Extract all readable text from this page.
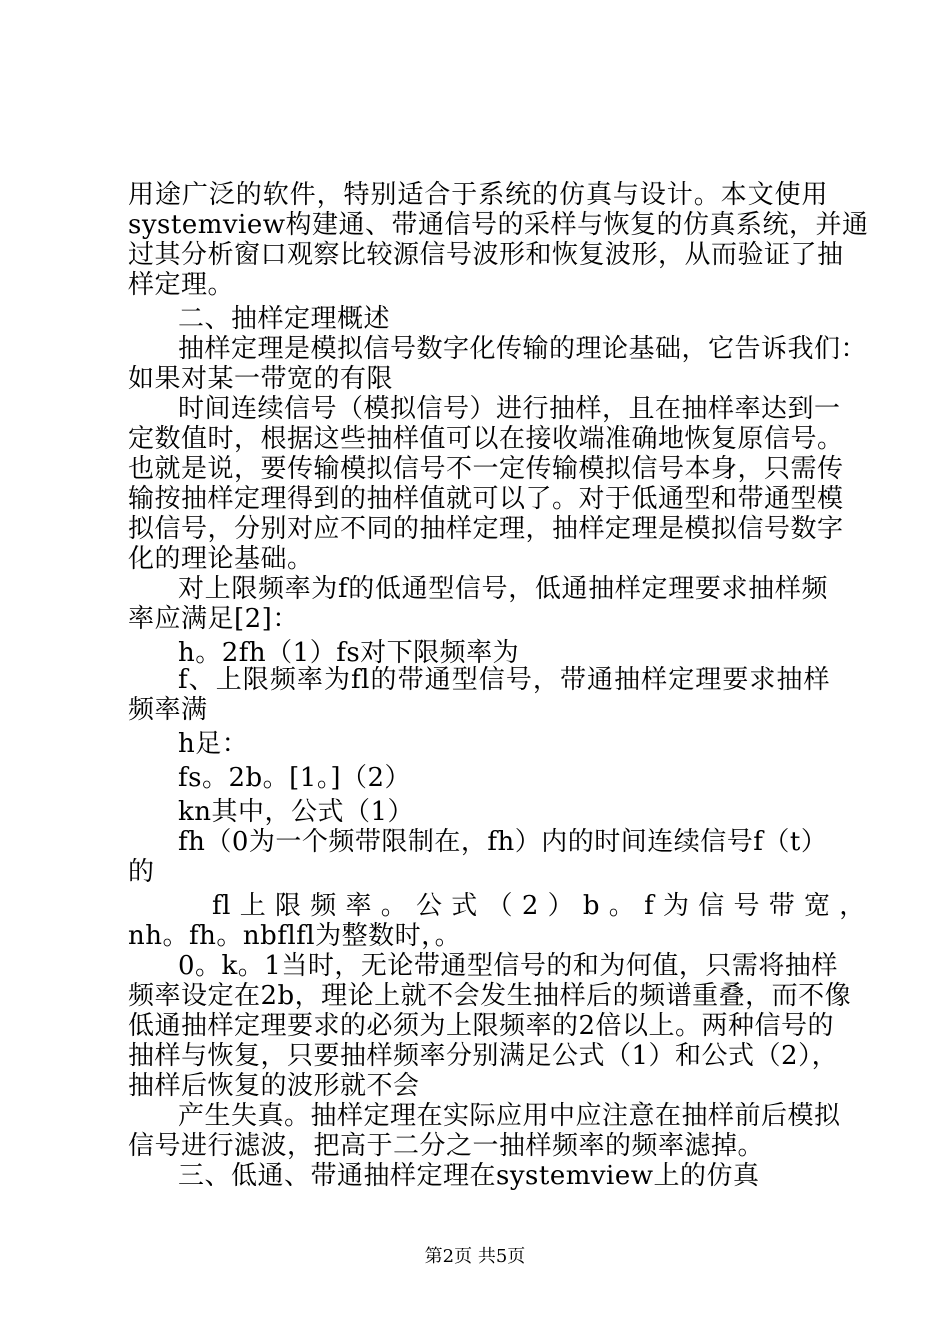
用途广泛的软件，特别适合于系统的仿真与设计。本文使用
systemview构建通、带通信号的采样与恢复的仿真系统，并通
过其分析窗口观察比较源信号波形和恢复波形，从而验证了抽
样定理。
二、抽样定理概述
抽样定理是模拟信号数字化传输的理论基础，它告诉我们：
如果对某一带宽的有限
时间连续信号（模拟信号）进行抽样，且在抽样率达到一
定数值时，根据这些抽样值可以在接收端准确地恢复原信号。
也就是说，要传输模拟信号不一定传输模拟信号本身，只需传
输按抽样定理得到的抽样值就可以了。对于低通型和带通型模
拟信号，分别对应不同的抽样定理，抽样定理是模拟信号数字
化的理论基础。
对上限频率为f的低通型信号，低通抽样定理要求抽样频
率应满足[2]：
h。2fh（1）fs对下限频率为
f、上限频率为fl的带通型信号，带通抽样定理要求抽样
频率满
h足：
fs。2b。[1。]（2）
kn其中，公式（1）
fh（0为一个频带限制在，fh）内的时间连续信号f（t）
的
fl 上 限 频 率 。 公 式 （ 2 ） b 。 f 为 信 号 带 宽 ，
nh。fh。nbflfl为整数时，。
0。k。1当时，无论带通型信号的和为何值，只需将抽样
频率设定在2b，理论上就不会发生抽样后的频谱重叠，而不像
低通抽样定理要求的必须为上限频率的2倍以上。两种信号的
抽样与恢复，只要抽样频率分别满足公式（1）和公式（2），
抽样后恢复的波形就不会
产生失真。抽样定理在实际应用中应注意在抽样前后模拟
信号进行滤波，把高于二分之一抽样频率的频率滤掉。
三、低通、带通抽样定理在systemview上的仿真
第2页 共5页
